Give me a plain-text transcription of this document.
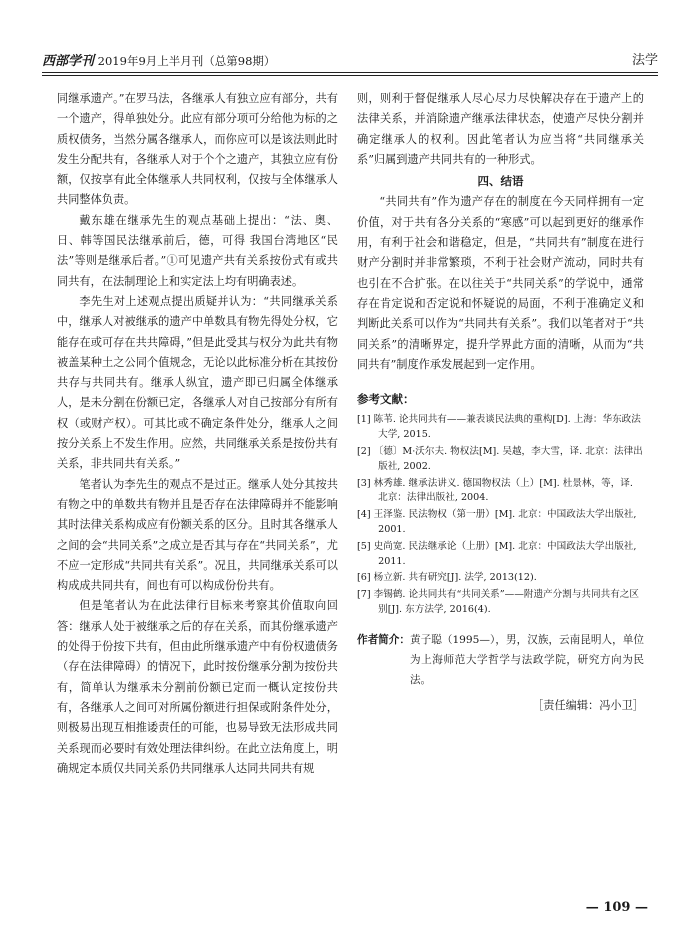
西部学刊 2019年9月上半月刊（总第98期）	法学

同继承遗产。”在罗马法，各继承人有独立应有部分，共有一个遗产，得单独处分。此应有部分项可分给他为标的之质权债务，当然分属各继承人，而你应可以是该法则此时发生分配共有，各继承人对于个个之遗产，其独立应有份额，仅按享有此全体继承人共同权利，仅按与全体继承人共同整体负责。

戴东雄在继承先生的观点基础上提出：“法、奥、日、韩等国民法继承前后，德，可得 我国台湾地区“民法”等则是继承后者。”①可见遗产共有关系按份式有或共同共有，在法制理论上和实定法上均有明确表述。

李先生对上述观点提出质疑并认为：“共同继承关系中，继承人对被继承的遗产中单数具有物先得处分权，它能存在或可存在共共障碍，”但是此受其与权分为此共有物被盖某种土之公同个值规念，无论以此标准分析在其按份共存与共同共有。继承人纵宜，遗产即已归属全体继承人，是未分割在份额已定，各继承人对自己按部分有所有权（或财产权）。可其比或不确定条件处分，继承人之间按分关系上不发生作用。应然，共同继承关系是按份共有关系，非共同共有关系。”

笔者认为李先生的观点不是过正。继承人处分其按共有物之中的单数共有物并且是否存在法律障碍并不能影响其时法律关系构成应有份额关系的区分。且时其各继承人之间的会“共同关系”之成立是否其与存在“共同关系”，尤不应一定形成“共同共有关系”。况且，共同继承关系可以构成成共同共有，间也有可以构成份份共有。

但是笔者认为在此法律行目标来考察其价值取向回答：继承人处于被继承之后的存在关系，而其份继承遗产的处得于份按下共有，但由此所继承遗产中有份权遗债务（存在法律障碍）的情况下，此时按份继承分割为按份共有，简单认为继承未分割前份额已定而一概认定按份共有，各继承人之间可对所属份额进行担保或附条件处分，则极易出现互相推诿责任的可能，也易导致无法形成共同关系现而必要时有效处理法律纠纷。在此立法角度上，明确规定本质仅共同关系仍共同继承人达同共同共有规

则，则利于督促继承人尽心尽力尽快解决存在于遗产上的法律关系，并消除遗产继承法律状态，使遗产尽快分割并确定继承人的权利。因此笔者认为应当将“共同继承关系”归属到遗产共同共有的一种形式。

四、结语

“共同共有”作为遗产存在的制度在今天同样拥有一定价值，对于共有各分关系的“寒感”可以起到更好的继承作用，有利于社会和谐稳定，但是，“共同共有”制度在进行财产分割时并非常繁琐，不利于社会财产流动，同时共有也引在不合扩张。在以往关于“共同关系”的学说中，通常存在肯定说和否定说和怀疑说的局面，不利于准确定义和判断此关系可以作为“共同共有关系”。我们以笔者对于“共同关系”的清晰界定，提升学界此方面的清晰，从而为“共同共有”制度作承发展起到一定作用。

参考文献：
[1] 陈苇. 论共同共有——兼表谈民法典的重构[D]. 上海：华东政法大学, 2015.
[2] 〔德〕M·沃尔夫. 物权法[M]. 吴越，李大雪，译. 北京：法律出版社, 2002.
[3] 林秀雄. 继承法讲义. 德国物权法（上）[M]. 杜景林，等，译. 北京：法律出版社, 2004.
[4] 王泽鉴. 民法物权（第一册）[M]. 北京：中国政法大学出版社, 2001.
[5] 史尚宽. 民法继承论（上册）[M]. 北京：中国政法大学出版社, 2011.
[6] 杨立新. 共有研究[J]. 法学, 2013(12).
[7] 李锡鹤. 论共同共有“共同关系”——附遗产分割与共同共有之区别[J]. 东方法学, 2016(4).
作者简介： 黄子聪（1995—），男，汉族，云南昆明人，单位为上海师范大学哲学与法政学院，研究方向为民法。
［责任编辑：冯小卫］
— 109 —
